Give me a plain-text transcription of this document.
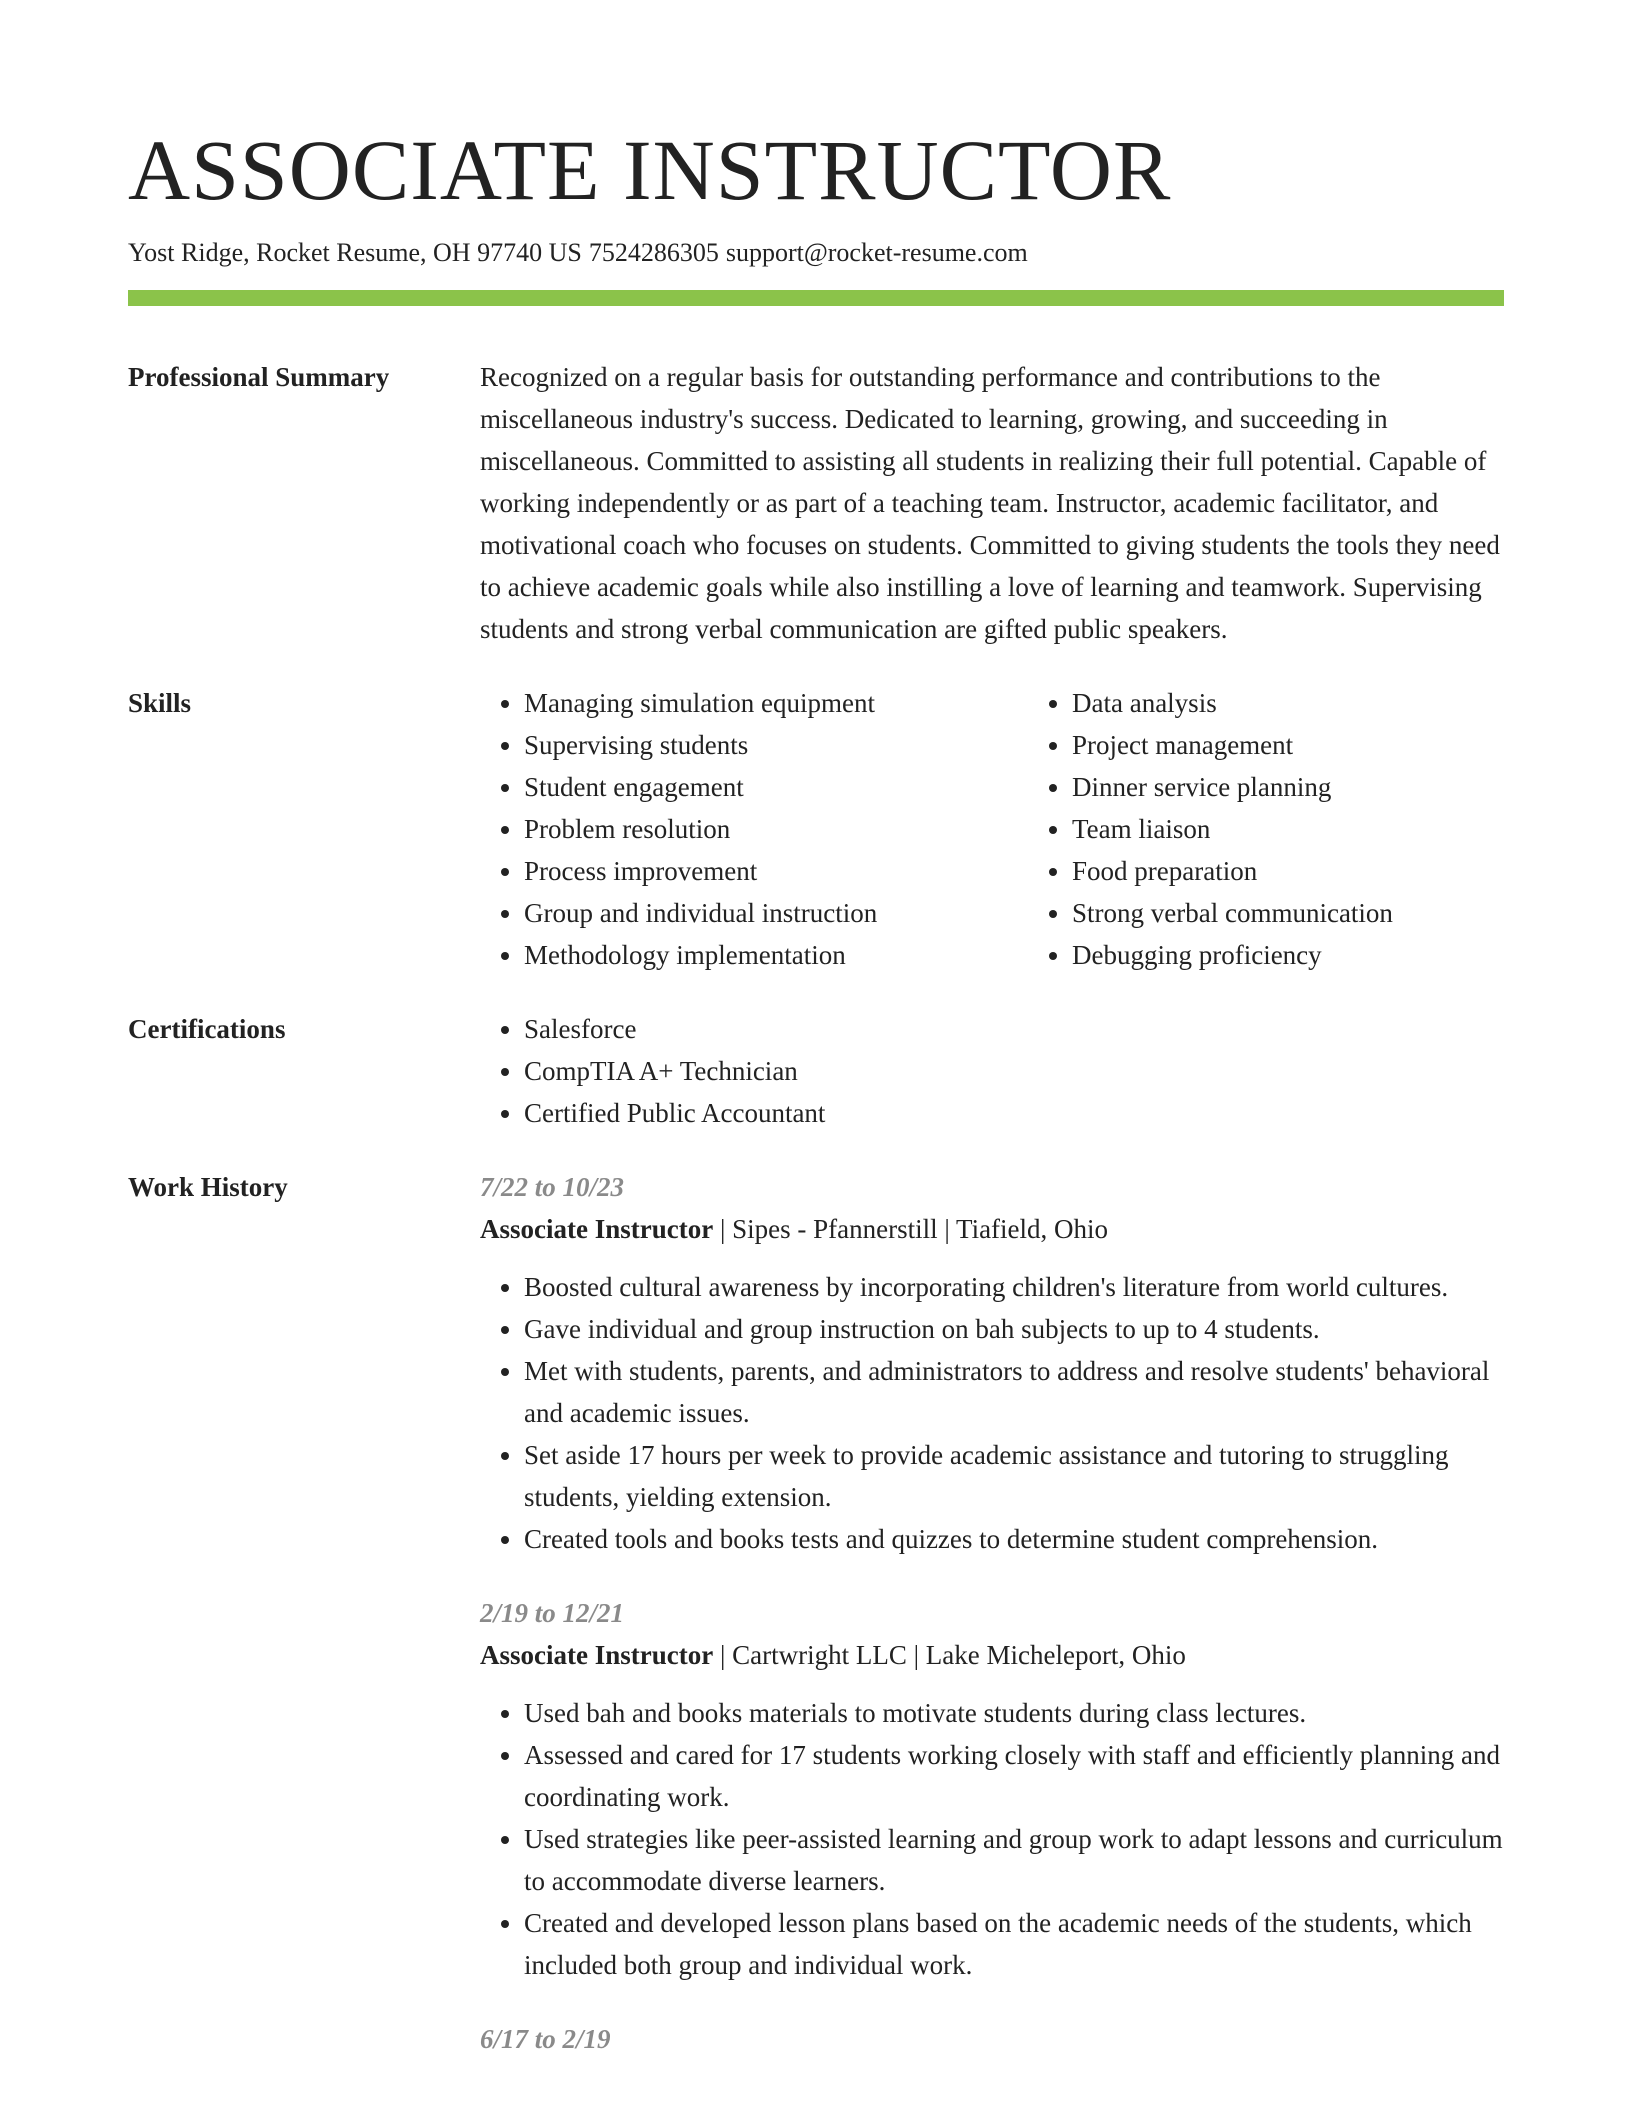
ASSOCIATE INSTRUCTOR
Yost Ridge, Rocket Resume, OH 97740 US 7524286305 support@rocket-resume.com
Professional Summary	Recognized on a regular basis for outstanding performance and contributions to the miscellaneous industry's success. Dedicated to learning, growing, and succeeding in miscellaneous. Committed to assisting all students in realizing their full potential. Capable of working independently or as part of a teaching team. Instructor, academic facilitator, and motivational coach who focuses on students. Committed to giving students the tools they need to achieve academic goals while also instilling a love of learning and teamwork. Supervising students and strong verbal communication are gifted public speakers.

Skills	• Managing simulation equipment
• Supervising students
• Student engagement
• Problem resolution
• Process improvement
• Group and individual instruction
• Methodology implementation
• Data analysis
• Project management
• Dinner service planning
• Team liaison
• Food preparation
• Strong verbal communication
• Debugging proficiency
Certifications	• Salesforce
• CompTIA A+ Technician
• Certified Public Accountant
Work History	7/22 to 10/23
Associate Instructor | Sipes - Pfannerstill | Tiafield, Ohio
• Boosted cultural awareness by incorporating children's literature from world cultures.
• Gave individual and group instruction on bah subjects to up to 4 students.
• Met with students, parents, and administrators to address and resolve students' behavioral and academic issues.
• Set aside 17 hours per week to provide academic assistance and tutoring to struggling students, yielding extension.
• Created tools and books tests and quizzes to determine student comprehension.
2/19 to 12/21
Associate Instructor | Cartwright LLC | Lake Micheleport, Ohio
• Used bah and books materials to motivate students during class lectures.
• Assessed and cared for 17 students working closely with staff and efficiently planning and coordinating work.
• Used strategies like peer-assisted learning and group work to adapt lessons and curriculum to accommodate diverse learners.
• Created and developed lesson plans based on the academic needs of the students, which included both group and individual work.
6/17 to 2/19
